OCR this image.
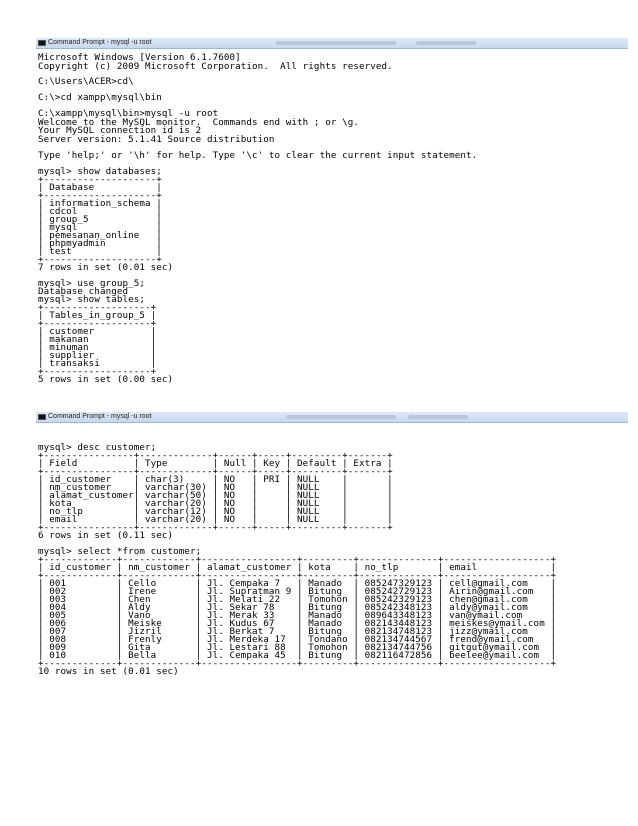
Command Prompt - mysql -u root
Microsoft Windows [Version 6.1.7600]
Copyright (c) 2009 Microsoft Corporation.  All rights reserved.
C:\Users\ACER>cd\
C:\>cd xampp\mysql\bin
C:\xampp\mysql\bin>mysql -u root
Welcome to the MySQL monitor.  Commands end with ; or \g.
Your MySQL connection id is 2
Server version: 5.1.41 Source distribution
Type 'help;' or '\h' for help. Type '\c' to clear the current input statement.
mysql> show databases;
+--------------------+
| Database           |
+--------------------+
| information_schema |
| cdcol              |
| group_5            |
| mysql              |
| pemesanan_online   |
| phpmyadmin         |
| test               |
+--------------------+
7 rows in set (0.01 sec)
mysql> use group_5;
Database changed
mysql> show tables;
+-------------------+
| Tables_in_group_5 |
+-------------------+
| customer          |
| makanan           |
| minuman           |
| supplier          |
| transaksi         |
+-------------------+
5 rows in set (0.00 sec)
Command Prompt - mysql -u root
mysql> desc customer;
+----------------+-------------+------+-----+---------+-------+
| Field          | Type        | Null | Key | Default | Extra |
+----------------+-------------+------+-----+---------+-------+
| id_customer    | char(3)     | NO   | PRI | NULL    |       |
| nm_customer    | varchar(30) | NO   |     | NULL    |       |
| alamat_customer| varchar(50) | NO   |     | NULL    |       |
| kota           | varchar(20) | NO   |     | NULL    |       |
| no_tlp         | varchar(12) | NO   |     | NULL    |       |
| email          | varchar(20) | NO   |     | NULL    |       |
+----------------+-------------+------+-----+---------+-------+
6 rows in set (0.11 sec)
mysql> select *from customer;
+-------------+-------------+-----------------+---------+--------------+-------------------+
| id_customer | nm_customer | alamat_customer | kota    | no_tlp       | email             |
+-------------+-------------+-----------------+---------+--------------+-------------------+
| 001         | Cello       | Jl. Cempaka 7   | Manado  | 085247329123 | cell@gmail.com    |
| 002         | Irene       | Jl. Supratman 9 | Bitung  | 085242729123 | Airin@gmail.com   |
| 003         | Chen        | Jl. Melati 22   | Tomohon | 085242329123 | chen@gmail.com    |
| 004         | Aldy        | Jl. Sekar 78    | Bitung  | 085242348123 | aldy@ymail.com    |
| 005         | Vano        | Jl. Merak 33    | Manado  | 089643348123 | van@ymail.com     |
| 006         | Meiske      | Jl. Kudus 67    | Manado  | 082143448123 | meiskes@ymail.com |
| 007         | Jizril      | Jl. Berkat 7    | Bitung  | 082134748123 | jizz@ymail.com    |
| 008         | Frenly      | Jl. Merdeka 17  | Tondano | 082134744567 | frend@ymail.com   |
| 009         | Gita        | Jl. Lestari 88  | Tomohon | 082134744756 | gitgut@ymail.com  |
| 010         | Bella       | Jl. Cempaka 45  | Bitung  | 082116472856 | beelee@ymail.com  |
+-------------+-------------+-----------------+---------+--------------+-------------------+
10 rows in set (0.01 sec)
